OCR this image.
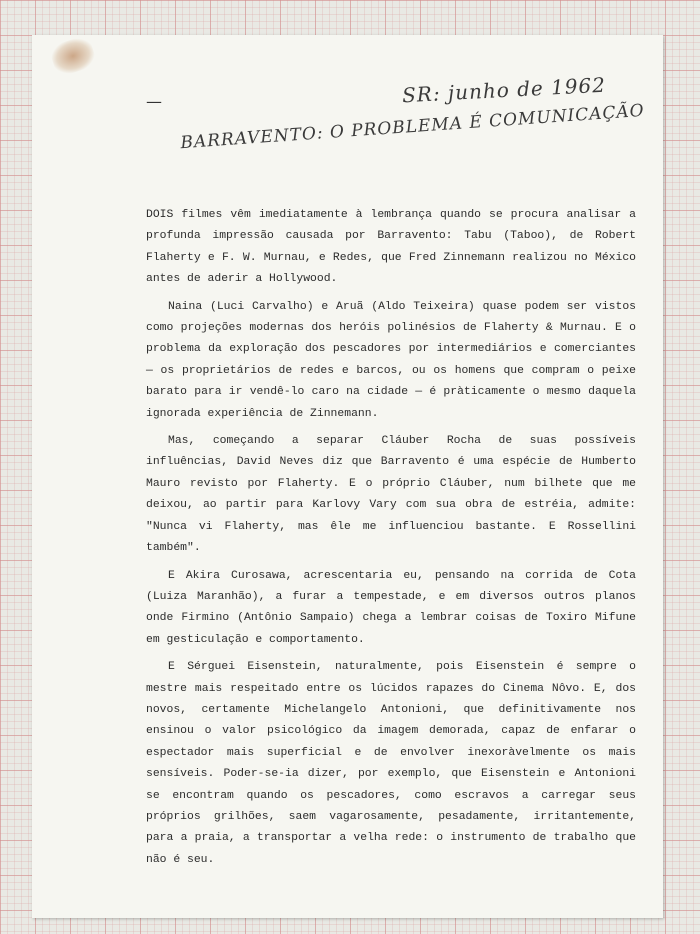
—	SR: junho de 1962
BARRAVENTO: O PROBLEMA É COMUNICAÇÃO

DOIS filmes vêm imediatamente à lembrança quando se procura analisar a profunda impressão causada por Barravento: Tabu (Taboo), de Robert Flaherty e F. W. Murnau, e Redes, que Fred Zinnemann realizou no México antes de aderir a Hollywood.

Naina (Luci Carvalho) e Aruã (Aldo Teixeira) quase podem ser vistos como projeções modernas dos heróis polinésios de Flaherty & Murnau. E o problema da exploração dos pescadores por intermediários e comerciantes — os proprietários de redes e barcos, ou os homens que compram o peixe barato para ir vendê-lo caro na cidade — é pràticamente o mesmo daquela ignorada experiência de Zinnemann.

Mas, começando a separar Cláuber Rocha de suas possíveis influências, David Neves diz que Barravento é uma espécie de Humberto Mauro revisto por Flaherty. E o próprio Cláuber, num bilhete que me deixou, ao partir para Karlovy Vary com sua obra de estréia, admite: "Nunca vi Flaherty, mas êle me influenciou bastante. E Rossellini também".

E Akira Curosawa, acrescentaria eu, pensando na corrida de Cota (Luiza Maranhão), a furar a tempestade, e em diversos outros planos onde Firmino (Antônio Sampaio) chega a lembrar coisas de Toxiro Mifune em gesticulação e comportamento.

E Sérguei Eisenstein, naturalmente, pois Eisenstein é sempre o mestre mais respeitado entre os lúcidos rapazes do Cinema Nôvo. E, dos novos, certamente Michelangelo Antonioni, que definitivamente nos ensinou o valor psicológico da imagem demorada, capaz de enfarar o espectador mais superficial e de envolver inexoràvelmente os mais sensíveis. Poder-se-ia dizer, por exemplo, que Eisenstein e Antonioni se encontram quando os pescadores, como escravos a carregar seus próprios grilhões, saem vagarosamente, pesadamente, irritantemente, para a praia, a transportar a velha rede: o instrumento de trabalho que não é seu.
